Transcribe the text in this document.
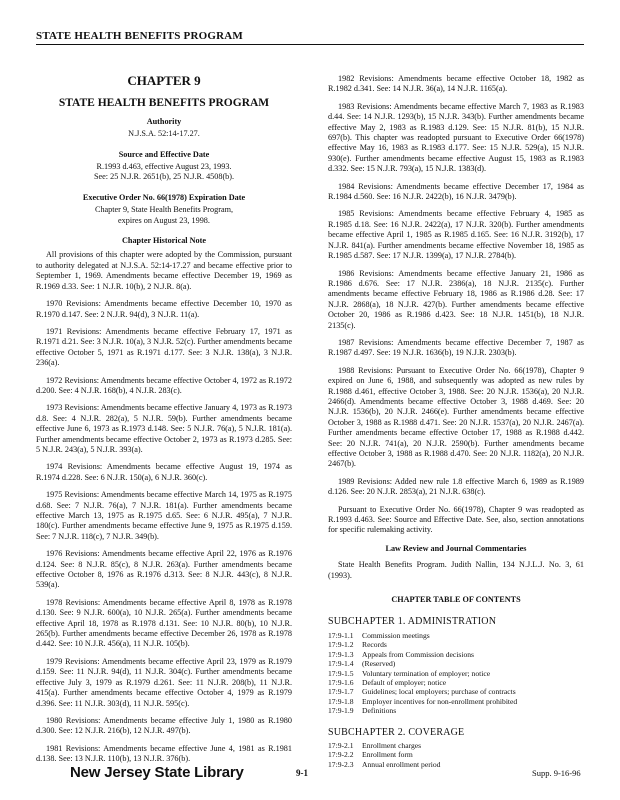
STATE HEALTH BENEFITS PROGRAM
CHAPTER 9
STATE HEALTH BENEFITS PROGRAM
Authority
N.J.S.A. 52:14-17.27.
Source and Effective Date
R.1993 d.463, effective August 23, 1993.
See: 25 N.J.R. 2651(b), 25 N.J.R. 4508(b).
Executive Order No. 66(1978) Expiration Date
Chapter 9, State Health Benefits Program,
expires on August 23, 1998.
Chapter Historical Note

All provisions of this chapter were adopted by the Commission, pursuant to authority delegated at N.J.S.A. 52:14-17.27 and became effective prior to September 1, 1969. Amendments became effective December 19, 1969 as R.1969 d.33. See: 1 N.J.R. 10(b), 2 N.J.R. 8(a).

1970 Revisions: Amendments became effective December 10, 1970 as R.1970 d.147. See: 2 N.J.R. 94(d), 3 N.J.R. 11(a).

1971 Revisions: Amendments became effective February 17, 1971 as R.1971 d.21. See: 3 N.J.R. 10(a), 3 N.J.R. 52(c). Further amendments became effective October 5, 1971 as R.1971 d.177. See: 3 N.J.R. 138(a), 3 N.J.R. 236(a).

1972 Revisions: Amendments became effective October 4, 1972 as R.1972 d.200. See: 4 N.J.R. 168(b), 4 N.J.R. 283(c).

1973 Revisions: Amendments became effective January 4, 1973 as R.1973 d.8. See: 4 N.J.R. 282(a), 5 N.J.R. 59(b). Further amendments became effective June 6, 1973 as R.1973 d.148. See: 5 N.J.R. 76(a), 5 N.J.R. 181(a). Further amendments became effective October 2, 1973 as R.1973 d.285. See: 5 N.J.R. 243(a), 5 N.J.R. 393(a).

1974 Revisions: Amendments became effective August 19, 1974 as R.1974 d.228. See: 6 N.J.R. 150(a), 6 N.J.R. 360(c).

1975 Revisions: Amendments became effective March 14, 1975 as R.1975 d.68. See: 7 N.J.R. 76(a), 7 N.J.R. 181(a). Further amendments became effective March 13, 1975 as R.1975 d.65. See: 6 N.J.R. 495(a), 7 N.J.R. 180(c). Further amendments became effective June 9, 1975 as R.1975 d.159. See: 7 N.J.R. 118(c), 7 N.J.R. 349(b).

1976 Revisions: Amendments became effective April 22, 1976 as R.1976 d.124. See: 8 N.J.R. 85(c), 8 N.J.R. 263(a). Further amendments became effective October 8, 1976 as R.1976 d.313. See: 8 N.J.R. 443(c), 8 N.J.R. 539(a).

1978 Revisions: Amendments became effective April 8, 1978 as R.1978 d.130. See: 9 N.J.R. 600(a), 10 N.J.R. 265(a). Further amendments became effective April 18, 1978 as R.1978 d.131. See: 10 N.J.R. 80(b), 10 N.J.R. 265(b). Further amendments became effective December 26, 1978 as R.1978 d.442. See: 10 N.J.R. 456(a), 11 N.J.R. 105(b).

1979 Revisions: Amendments became effective April 23, 1979 as R.1979 d.159. See: 11 N.J.R. 94(d), 11 N.J.R. 304(c). Further amendments became effective July 3, 1979 as R.1979 d.261. See: 11 N.J.R. 208(b), 11 N.J.R. 415(a). Further amendments became effective October 4, 1979 as R.1979 d.396. See: 11 N.J.R. 303(d), 11 N.J.R. 595(c).

1980 Revisions: Amendments became effective July 1, 1980 as R.1980 d.300. See: 12 N.J.R. 216(b), 12 N.J.R. 497(b).

1981 Revisions: Amendments became effective June 4, 1981 as R.1981 d.138. See: 13 N.J.R. 110(b), 13 N.J.R. 376(b).

1982 Revisions: Amendments became effective October 18, 1982 as R.1982 d.341. See: 14 N.J.R. 36(a), 14 N.J.R. 1165(a).

1983 Revisions: Amendments became effective March 7, 1983 as R.1983 d.44. See: 14 N.J.R. 1293(b), 15 N.J.R. 343(b). Further amendments became effective May 2, 1983 as R.1983 d.129. See: 15 N.J.R. 81(b), 15 N.J.R. 697(b). This chapter was readopted pursuant to Executive Order 66(1978) effective May 16, 1983 as R.1983 d.177. See: 15 N.J.R. 529(a), 15 N.J.R. 930(e). Further amendments became effective August 15, 1983 as R.1983 d.332. See: 15 N.J.R. 793(a), 15 N.J.R. 1383(d).

1984 Revisions: Amendments became effective December 17, 1984 as R.1984 d.560. See: 16 N.J.R. 2422(b), 16 N.J.R. 3479(b).

1985 Revisions: Amendments became effective February 4, 1985 as R.1985 d.18. See: 16 N.J.R. 2422(a), 17 N.J.R. 320(b). Further amendments became effective April 1, 1985 as R.1985 d.165. See: 16 N.J.R. 3192(b), 17 N.J.R. 841(a). Further amendments became effective November 18, 1985 as R.1985 d.587. See: 17 N.J.R. 1399(a), 17 N.J.R. 2784(b).

1986 Revisions: Amendments became effective January 21, 1986 as R.1986 d.676. See: 17 N.J.R. 2386(a), 18 N.J.R. 2135(c). Further amendments became effective February 18, 1986 as R.1986 d.28. See: 17 N.J.R. 2868(a), 18 N.J.R. 427(b). Further amendments became effective October 20, 1986 as R.1986 d.423. See: 18 N.J.R. 1451(b), 18 N.J.R. 2135(c).

1987 Revisions: Amendments became effective December 7, 1987 as R.1987 d.497. See: 19 N.J.R. 1636(b), 19 N.J.R. 2303(b).

1988 Revisions: Pursuant to Executive Order No. 66(1978), Chapter 9 expired on June 6, 1988, and subsequently was adopted as new rules by R.1988 d.461, effective October 3, 1988. See: 20 N.J.R. 1536(a), 20 N.J.R. 2466(d). Amendments became effective October 3, 1988 d.469. See: 20 N.J.R. 1536(b), 20 N.J.R. 2466(e). Further amendments became effective October 3, 1988 as R.1988 d.471. See: 20 N.J.R. 1537(a), 20 N.J.R. 2467(a). Further amendments became effective October 17, 1988 as R.1988 d.442. See: 20 N.J.R. 741(a), 20 N.J.R. 2590(b). Further amendments became effective October 3, 1988 as R.1988 d.470. See: 20 N.J.R. 1182(a), 20 N.J.R. 2467(b).

1989 Revisions: Added new rule 1.8 effective March 6, 1989 as R.1989 d.126. See: 20 N.J.R. 2853(a), 21 N.J.R. 638(c).

Pursuant to Executive Order No. 66(1978), Chapter 9 was readopted as R.1993 d.463. See: Source and Effective Date. See, also, section annotations for specific rulemaking activity.

Law Review and Journal Commentaries

State Health Benefits Program. Judith Nallin, 134 N.J.L.J. No. 3, 61 (1993).

CHAPTER TABLE OF CONTENTS
SUBCHAPTER 1. ADMINISTRATION
17:9-1.1	Commission meetings
17:9-1.2	Records
17:9-1.3	Appeals from Commission decisions
17:9-1.4	(Reserved)
17:9-1.5	Voluntary termination of employer; notice
17:9-1.6	Default of employer; notice
17:9-1.7	Guidelines; local employers; purchase of contracts
17:9-1.8	Employer incentives for non-enrollment prohibited
17:9-1.9	Definitions
SUBCHAPTER 2. COVERAGE
17:9-2.1	Enrollment charges
17:9-2.2	Enrollment form
17:9-2.3	Annual enrollment period
New Jersey State Library	9-1	Supp. 9-16-96
